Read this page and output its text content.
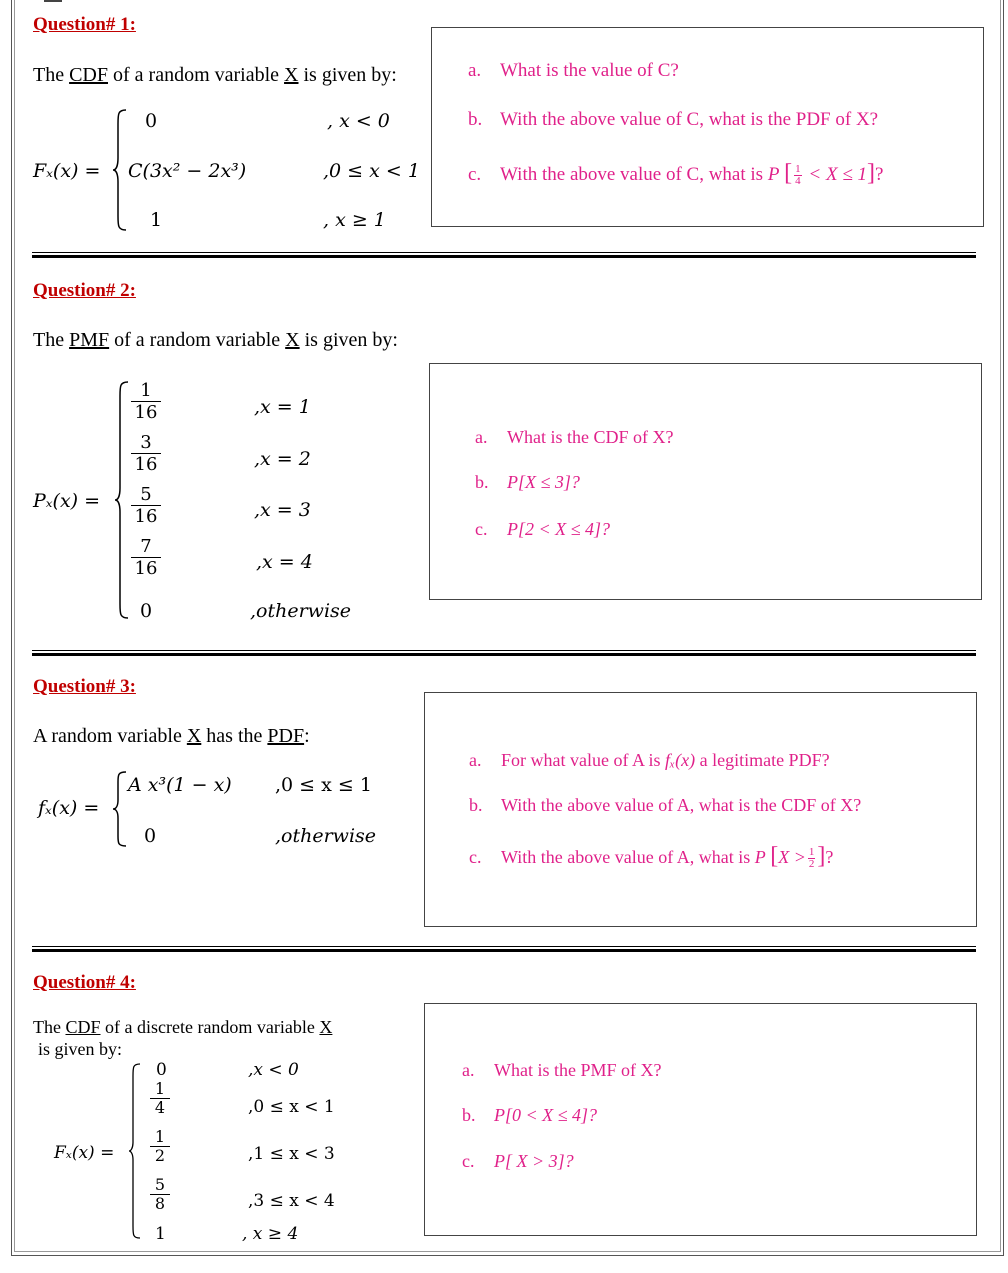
Question# 1:
The CDF of a random variable X is given by:
Fₓ(x) =
0	, x < 0
C(3x² − 2x³)	,0 ≤ x < 1
1	, x ≥ 1
a. What is the value of C?
b. With the above value of C, what is the PDF of X?
c. With the above value of C, what is P [ $\frac{1}{4} < X \le 1$]?
Question# 2:
The PMF of a random variable X is given by:
Pₓ(x) =
1
16	,x = 1
3
16	,x = 2
5
16	,x = 3
7
16	,x = 4
0	,otherwise
a. What is the CDF of X?
b. P[X ≤ 3]?
c. P[2 < X ≤ 4]?
Question# 3:
A random variable X has the PDF:
fₓ(x) =
A x³(1 − x) ,0 ≤ x ≤ 1
0	,otherwise
a. For what value of A is fₓ(x) a legitimate PDF?
b. With the above value of A, what is the CDF of X?
c. With the above value of A, what is P [$X > \frac{1}{2}$ ]?
Question# 4:
The CDF of a discrete random variable X
is given by:
Fₓ(x) =
0	,x < 0
1
4	,0 ≤ x < 1
1
2	,1 ≤ x < 3
5
8	,3 ≤ x < 4
1	, x ≥ 4
a. What is the PMF of X?
b. P[0 < X ≤ 4]?
c. P[ X > 3]?
